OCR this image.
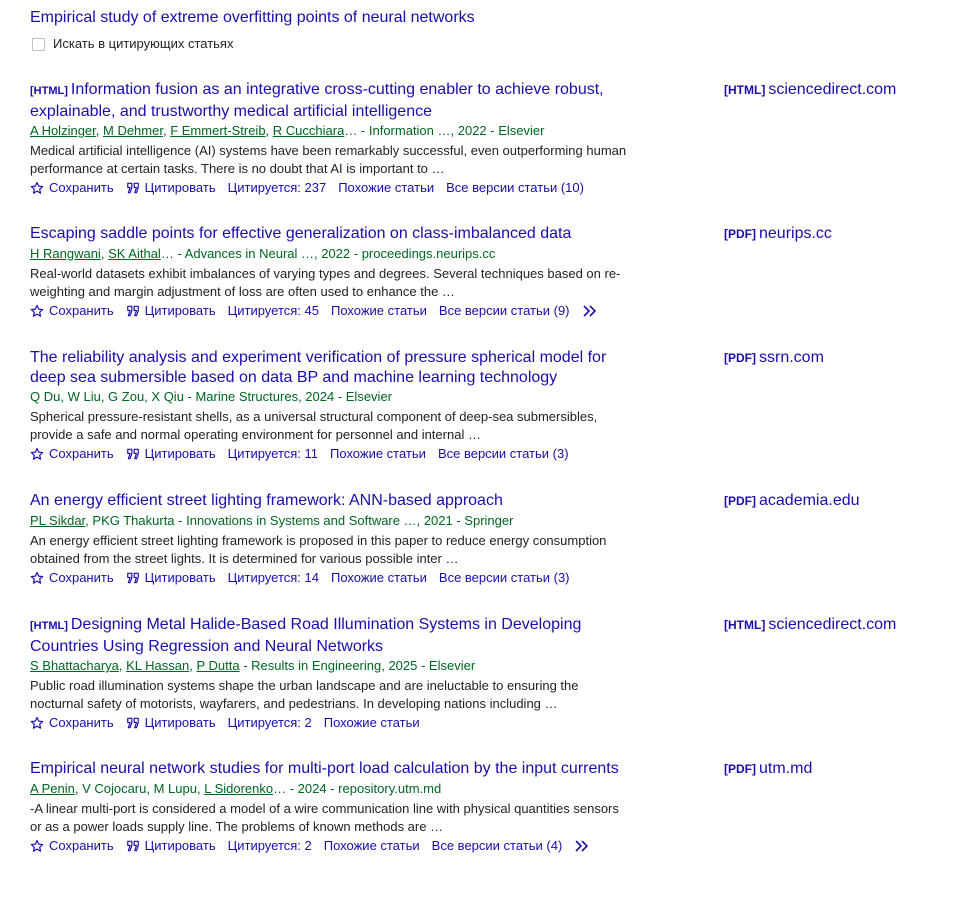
Empirical study of extreme overfitting points of neural networks
Искать в цитирующих статьях
[HTML] Information fusion as an integrative cross-cutting enabler to achieve robust, explainable, and trustworthy medical artificial intelligence
A Holzinger, M Dehmer, F Emmert-Streib, R Cucchiara… - Information …, 2022 - Elsevier
Medical artificial intelligence (AI) systems have been remarkably successful, even outperforming human performance at certain tasks. There is no doubt that AI is important to …
Сохранить Цитировать Цитируется: 237 Похожие статьи Все версии статьи (10)
[HTML] sciencedirect.com
Escaping saddle points for effective generalization on class-imbalanced data
H Rangwani, SK Aithal… - Advances in Neural …, 2022 - proceedings.neurips.cc
Real-world datasets exhibit imbalances of varying types and degrees. Several techniques based on re-weighting and margin adjustment of loss are often used to enhance the …
Сохранить Цитировать Цитируется: 45 Похожие статьи Все версии статьи (9)
[PDF] neurips.cc
The reliability analysis and experiment verification of pressure spherical model for deep sea submersible based on data BP and machine learning technology
Q Du, W Liu, G Zou, X Qiu - Marine Structures, 2024 - Elsevier
Spherical pressure-resistant shells, as a universal structural component of deep-sea submersibles, provide a safe and normal operating environment for personnel and internal …
Сохранить Цитировать Цитируется: 11 Похожие статьи Все версии статьи (3)
[PDF] ssrn.com
An energy efficient street lighting framework: ANN-based approach
PL Sikdar, PKG Thakurta - Innovations in Systems and Software …, 2021 - Springer
An energy efficient street lighting framework is proposed in this paper to reduce energy consumption obtained from the street lights. It is determined for various possible inter …
Сохранить Цитировать Цитируется: 14 Похожие статьи Все версии статьи (3)
[PDF] academia.edu
[HTML] Designing Metal Halide-Based Road Illumination Systems in Developing Countries Using Regression and Neural Networks
S Bhattacharya, KL Hassan, P Dutta - Results in Engineering, 2025 - Elsevier
Public road illumination systems shape the urban landscape and are ineluctable to ensuring the nocturnal safety of motorists, wayfarers, and pedestrians. In developing nations including …
Сохранить Цитировать Цитируется: 2 Похожие статьи
[HTML] sciencedirect.com
Empirical neural network studies for multi-port load calculation by the input currents
A Penin, V Cojocaru, M Lupu, L Sidorenko… - 2024 - repository.utm.md
-A linear multi-port is considered a model of a wire communication line with physical quantities sensors or as a power loads supply line. The problems of known methods are …
Сохранить Цитировать Цитируется: 2 Похожие статьи Все версии статьи (4)
[PDF] utm.md
